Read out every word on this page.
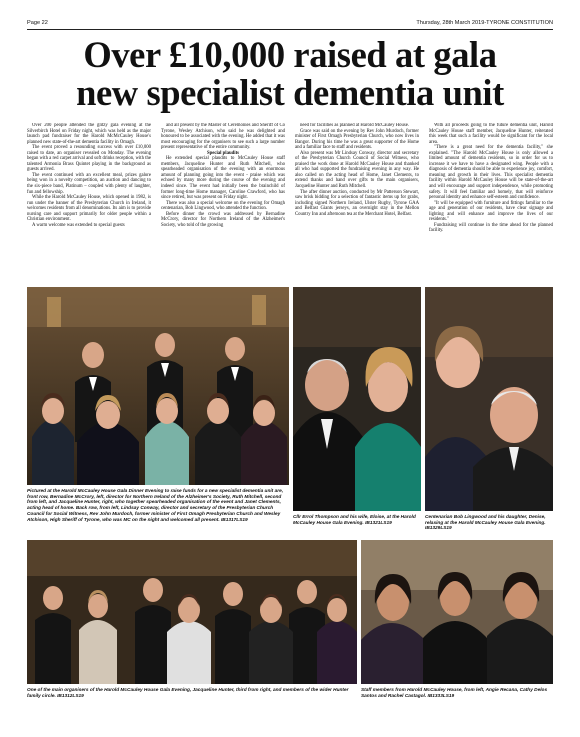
Page 22	Thursday, 28th March 2019-TYRONE CONSTITUTION
Over £10,000 raised at gala
new specialist dementia unit

Over 200 people attended the glitzy gala evening at the Silverbirch Hotel on Friday night, which was held as the major launch pad fundraiser for the Harold McMcCauley House's planned new state-of-the-art dementia facility in Omagh.

The event proved a resounding success with over £10,000 raised to date, an organiser revealed on Monday. The evening began with a red carpet arrival and soft drinks reception, with the talented Armonia Brass Quintet playing in the background as guests arrived.

The event continued with an excellent meal, prizes galore being won in a novelty competition, an auction and dancing to the six-piece band, Platinum – coupled with plenty of laughter, fun and fellowship.

While the Harold McCauley House, which opened in 1982, is run under the banner of the Presbyterian Church in Ireland, it welcomes residents from all denominations. Its aim is to provide nursing care and support primarily for older people within a Christian environment.

A warm welcome was extended to special guests

and all present by the Master of Ceremonies and Sheriff of Co Tyrone, Wesley Atchison, who said he was delighted and honoured to be associated with the evening. He added that it was most encouraging for the organisers to see such a large number present representative of the entire community.

Special plaudits

He extended special plaudits to McCauley House staff members, Jacqueline Hunter and Ruth Mitchell, who spearheaded organisation of the evening with an enormous amount of planning going into the event - praise which was echoed by many more during the course of the evening and indeed since. The event had initially been the brainchild of former long-time Home manager, Caroline Crawford, who has since retired, but was present on Friday night.

There was also a special welcome on the evening for Omagh centenarian, Bob Lingwood, who attended the function.

Before dinner the crowd was addressed by Bernadine McCrory, director for Northern Ireland of the Alzheimer's Society, who told of the growing

need for facilities as planned at Harold McCauley House.

Grace was said on the evening by Rev John Murdoch, former minister of First Omagh Presbyterian Church, who now lives in Bangor. During his time he was a great supporter of the Home and a familiar face to staff and residents.

Also present was Mr Lindsay Conway, director and secretary of the Presbyterian Church Council of Social Witness, who praised the work done at Harold McCauley House and thanked all who had supported the fundraising evening in any way. He also called on the acting head of Home, Janet Clements, to extend thanks and hand over gifts to the main organisers, Jacqueline Hunter and Ruth Mitchell.

The after dinner auction, conducted by Mr Patterson Stewart, saw brisk bidding for a selection of fantastic items up for grabs, including signed Northern Ireland, Ulster Rugby, Tyrone GAA and Belfast Giants jerseys, an overnight stay in the Mellon Country Inn and afternoon tea at the Merchant Hotel, Belfast.

With all proceeds going to the future dementia unit, Harold McCauley House staff member, Jacqueline Hunter, reiterated this week that such a facility would be significant for the local area.

"There is a great need for the dementia facility," she explained. "The Harold McCauley House is only allowed a limited amount of dementia residents, so in order for us to increase it we have to have a designated wing. People with a diagnosis of dementia should be able to experience joy, comfort, meaning and growth in their lives. This specialist dementia facility within Harold McCauley House will be state-of-the-art and will encourage and support independence, while promoting safety. It will feel familiar and homely, that will reinforce personal identity and enhance self-esteem and confidence.

"It will be equipped with furniture and fittings familiar to the age and generation of our residents, have clear signage and lighting and will enhance and improve the lives of our residents."

Fundraising will continue in the time ahead for the planned facility.

Pictured at the Harold McCauley House Gala Dinner Evening to raise funds for a new specialist dementia unit are, front row, Bernadine McCrory, left, director for Northern Ireland of the Alzheimer's Society, Ruth Mitchell, second from left, and Jacqueline Hunter, right, who together spearheaded organisation of the event and Janet Clements, acting head of home. Back row, from left, Lindsay Conway, director and secretary of the Presbyterian Church Council for Social Witness, Rev John Murdoch, former minister of First Omagh Presbyterian Church and Wesley Atchison, High Sheriff of Tyrone, who was MC on the night and welcomed all present. IB1317LS19
Cllr Errol Thompson and his wife, Eloise, at the Harold McCauley House Gala Evening. IB1321LS19
Centenarian Bob Lingwood and his daughter, Denise, relaxing at the Harold McCauley House Gala Evening. IB1329LS19
One of the main organisers of the Harold McCauley House Gala Evening, Jacqueline Hunter, third from right, and members of the wider Hunter family circle. IB1312LS19
Staff members from Harold McCauley House, from left, Angie Recana, Cathy Delos Santos and Rachel Castagol. IB1333LS19
